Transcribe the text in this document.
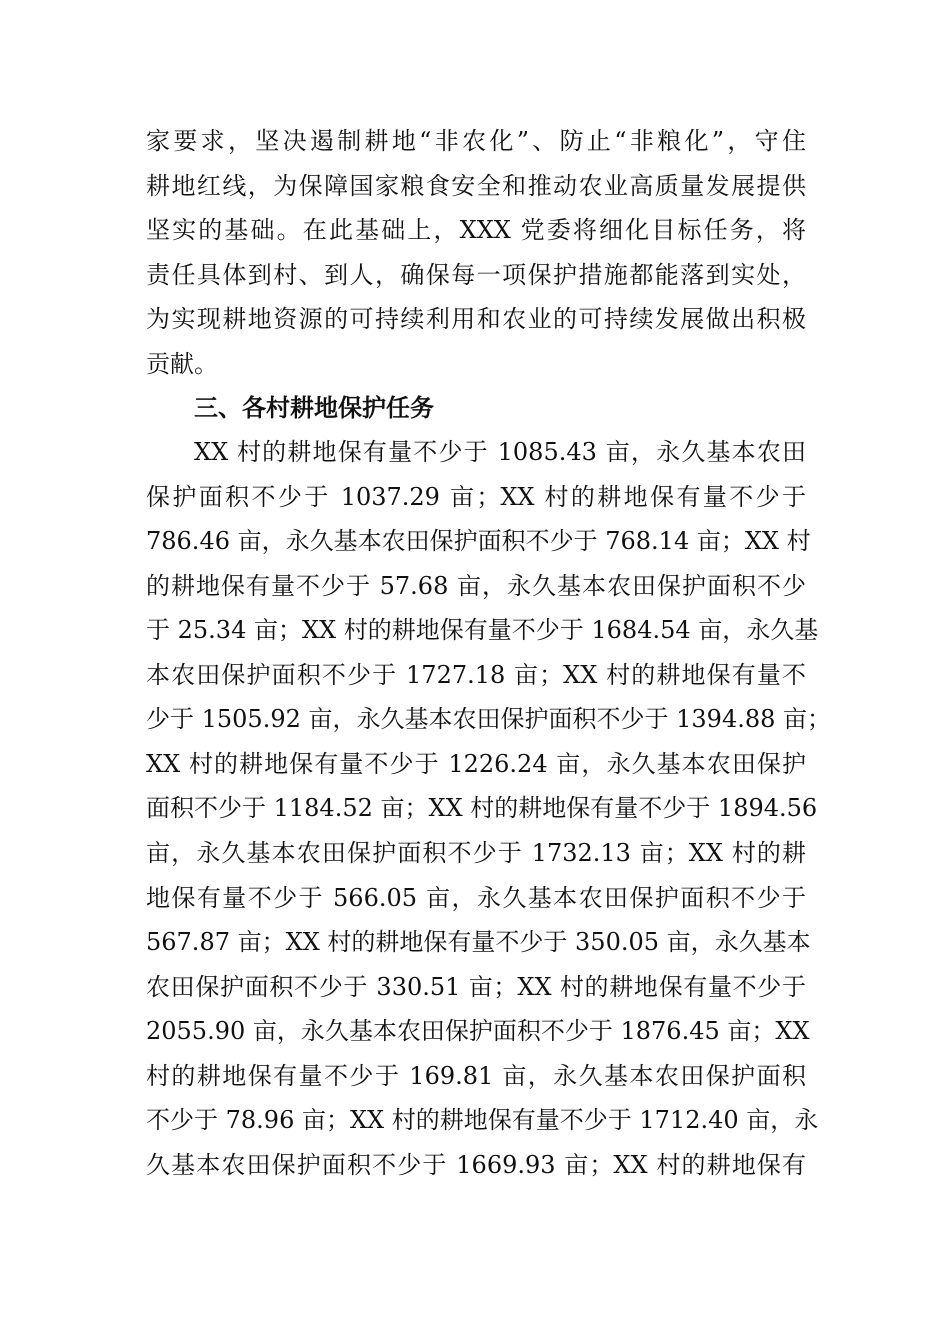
家要求，坚决遏制耕地“非农化”、防止“非粮化”，守住
耕地红线，为保障国家粮食安全和推动农业高质量发展提供
坚实的基础。在此基础上，XXX 党委将细化目标任务，将
责任具体到村、到人，确保每一项保护措施都能落到实处，
为实现耕地资源的可持续利用和农业的可持续发展做出积极
贡献。
三、各村耕地保护任务
XX 村的耕地保有量不少于 1085.43 亩，永久基本农田
保护面积不少于 1037.29 亩；XX 村的耕地保有量不少于
786.46 亩，永久基本农田保护面积不少于 768.14 亩；XX 村
的耕地保有量不少于 57.68 亩，永久基本农田保护面积不少
于 25.34 亩；XX 村的耕地保有量不少于 1684.54 亩，永久基
本农田保护面积不少于 1727.18 亩；XX 村的耕地保有量不
少于 1505.92 亩，永久基本农田保护面积不少于 1394.88 亩；
XX 村的耕地保有量不少于 1226.24 亩，永久基本农田保护
面积不少于 1184.52 亩；XX 村的耕地保有量不少于 1894.56
亩，永久基本农田保护面积不少于 1732.13 亩；XX 村的耕
地保有量不少于 566.05 亩，永久基本农田保护面积不少于
567.87 亩；XX 村的耕地保有量不少于 350.05 亩，永久基本
农田保护面积不少于 330.51 亩；XX 村的耕地保有量不少于
2055.90 亩，永久基本农田保护面积不少于 1876.45 亩；XX
村的耕地保有量不少于 169.81 亩，永久基本农田保护面积
不少于 78.96 亩；XX 村的耕地保有量不少于 1712.40 亩，永
久基本农田保护面积不少于 1669.93 亩；XX 村的耕地保有
